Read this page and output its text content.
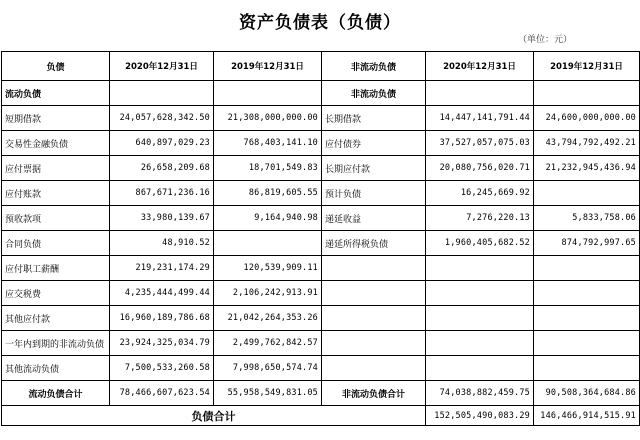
资产负债表（负债）
（单位：元）
负债	2020年12月31日	2019年12月31日	非流动负债	2020年12月31日	2019年12月31日
流动负债			非流动负债		
短期借款	24,057,628,342.50	21,308,000,000.00	长期借款	14,447,141,791.44	24,600,000,000.00
交易性金融负债	640,897,029.23	768,403,141.10	应付债券	37,527,057,075.03	43,794,792,492.21
应付票据	26,658,209.68	18,701,549.83	长期应付款	20,080,756,020.71	21,232,945,436.94
应付账款	867,671,236.16	86,819,605.55	预计负债	16,245,669.92	
预收款项	33,980,139.67	9,164,940.98	递延收益	7,276,220.13	5,833,758.06
合同负债	48,910.52		递延所得税负债	1,960,405,682.52	874,792,997.65
应付职工薪酬	219,231,174.29	120,539,909.11			
应交税费	4,235,444,499.44	2,106,242,913.91			
其他应付款	16,960,189,786.68	21,042,264,353.26			
一年内到期的非流动负债	23,924,325,034.79	2,499,762,842.57			
其他流动负债	7,500,533,260.58	7,998,650,574.74			
流动负债合计	78,466,607,623.54	55,958,549,831.05	非流动负债合计	74,038,882,459.75	90,508,364,684.86
负债合计				152,505,490,083.29	146,466,914,515.91
